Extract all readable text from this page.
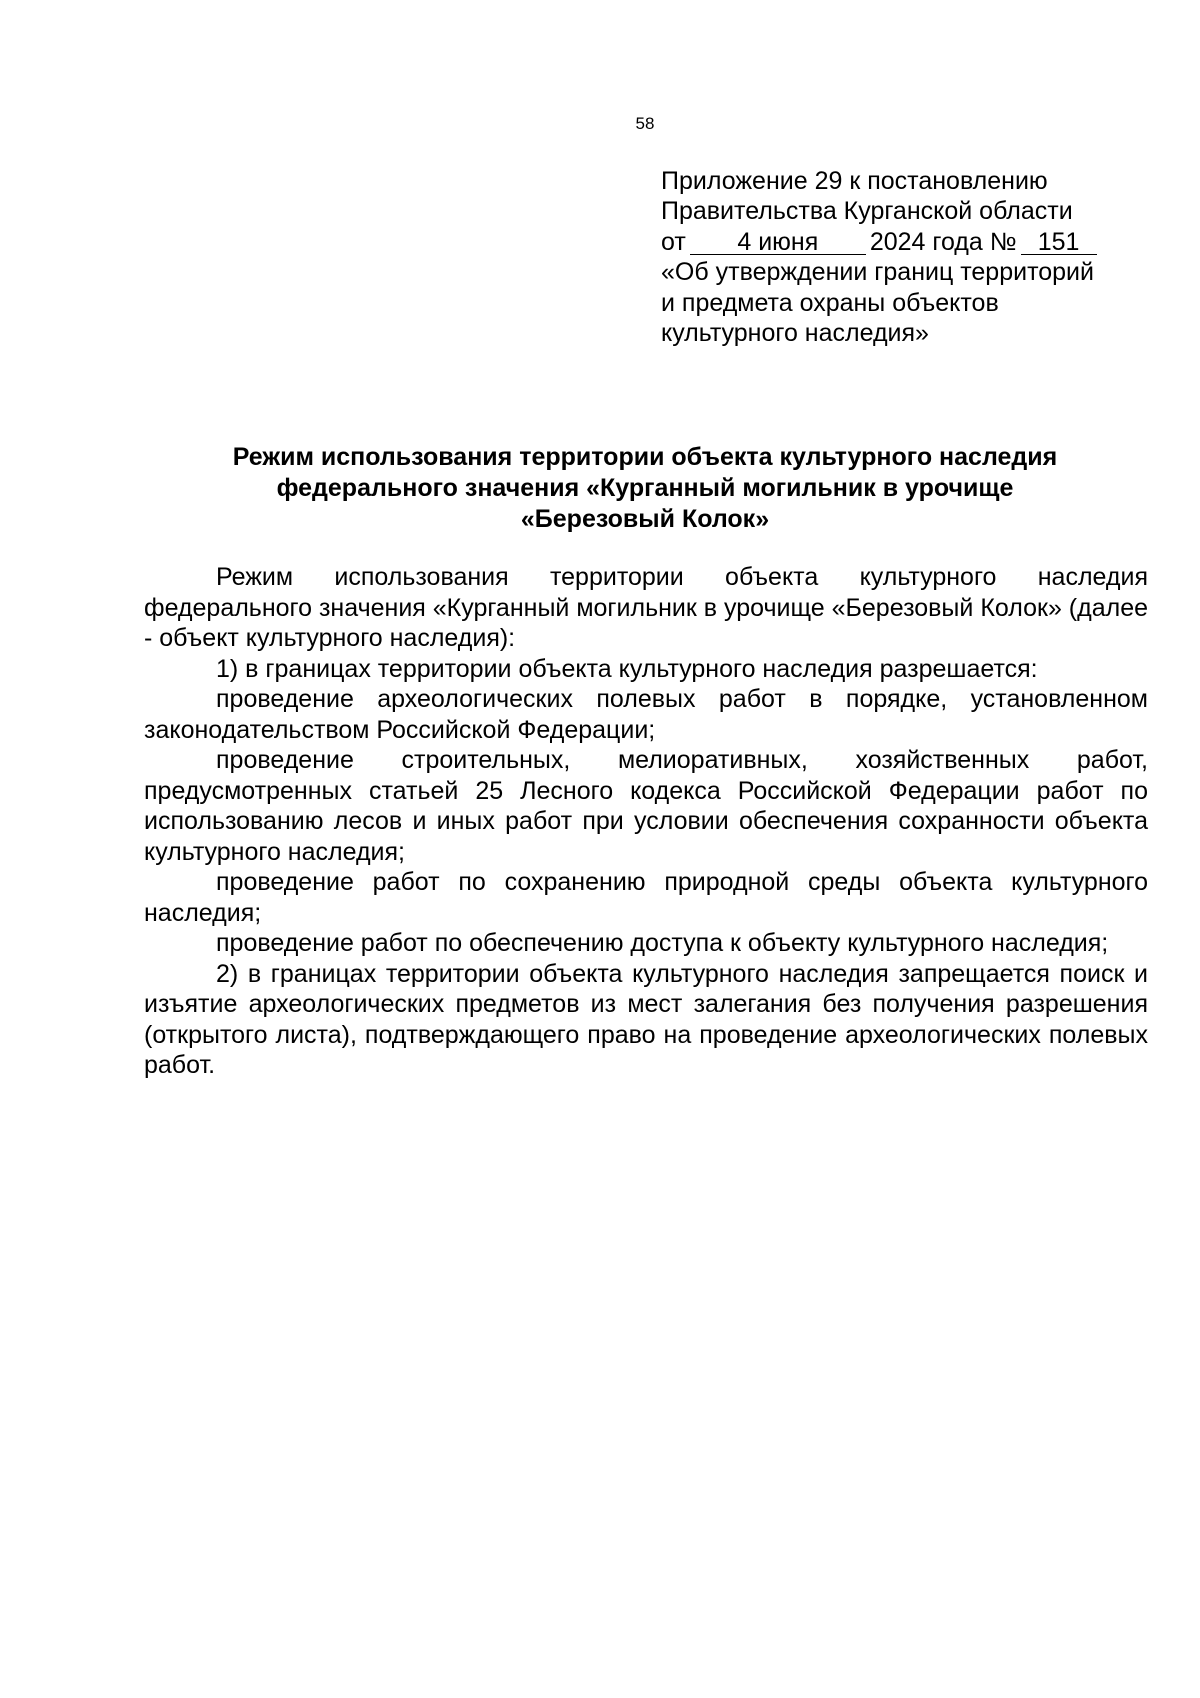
58
Приложение 29 к постановлению
Правительства Курганской области
от 4 июня 2024 года № 151
«Об утверждении границ территорий
и предмета охраны объектов
культурного наследия»
Режим использования территории объекта культурного наследия
федерального значения «Курганный могильник в урочище
«Березовый Колок»

Режим использования территории объекта культурного наследия федерального значения «Курганный могильник в урочище «Березовый Колок» (далее - объект культурного наследия):

1) в границах территории объекта культурного наследия разрешается:

проведение археологических полевых работ в порядке, установленном законодательством Российской Федерации;

проведение строительных, мелиоративных, хозяйственных работ, предусмотренных статьей 25 Лесного кодекса Российской Федерации работ по использованию лесов и иных работ при условии обеспечения сохранности объекта культурного наследия;

проведение работ по сохранению природной среды объекта культурного наследия;

проведение работ по обеспечению доступа к объекту культурного наследия;

2) в границах территории объекта культурного наследия запрещается поиск и изъятие археологических предметов из мест залегания без получения разрешения (открытого листа), подтверждающего право на проведение археологических полевых работ.
